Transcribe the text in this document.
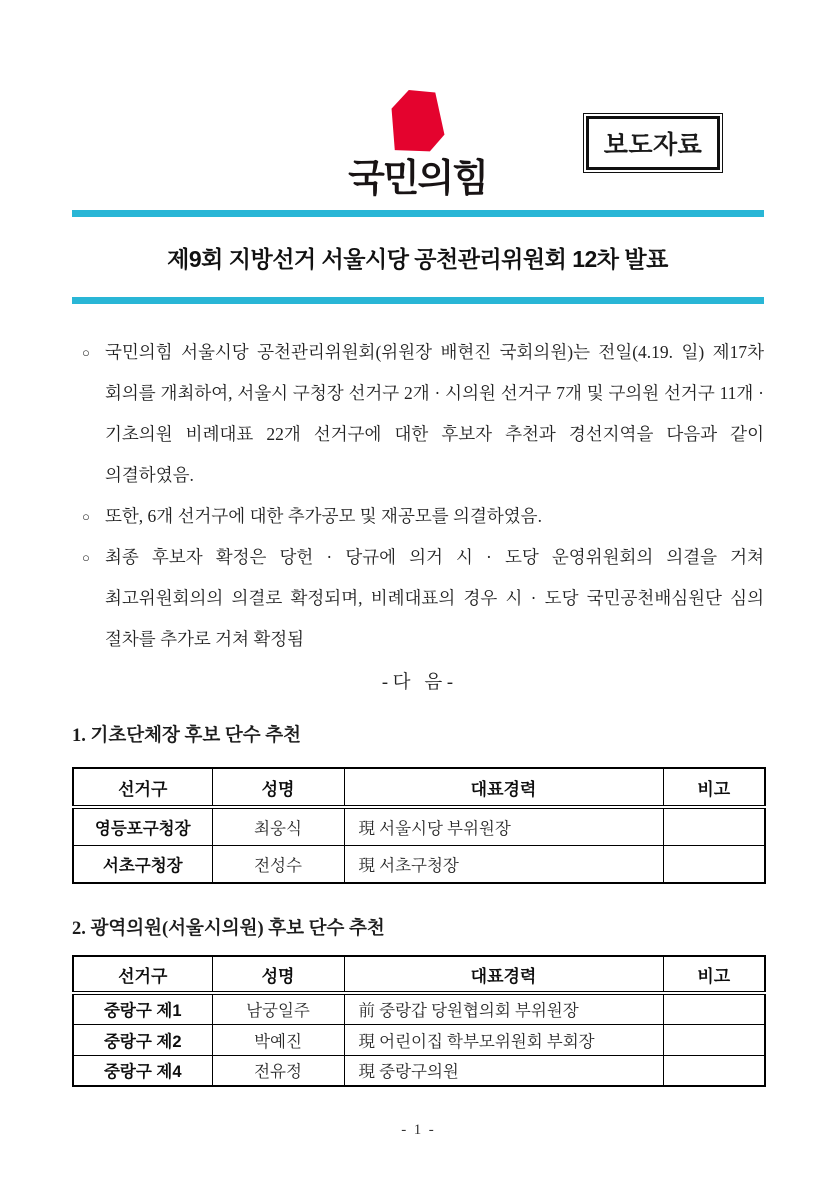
국민의힘
보도자료
제9회 지방선거 서울시당 공천관리위원회 12차 발표
○ 국민의힘 서울시당 공천관리위원회(위원장 배현진 국회의원)는 전일(4.19. 일) 제17차 회의를 개최하여, 서울시 구청장 선거구 2개 · 시의원 선거구 7개 및 구의원 선거구 11개 · 기초의원 비례대표 22개 선거구에 대한 후보자 추천과 경선지역을 다음과 같이 의결하였음.
○ 또한, 6개 선거구에 대한 추가공모 및 재공모를 의결하였음.
○ 최종 후보자 확정은 당헌 · 당규에 의거 시 · 도당 운영위원회의 의결을 거쳐 최고위원회의의 의결로 확정되며, 비례대표의 경우 시 · 도당 국민공천배심원단 심의 절차를 추가로 거쳐 확정됨
- 다   음 -
1. 기초단체장 후보 단수 추천
선거구	성명	대표경력	비고
영등포구청장	최웅식	現 서울시당 부위원장	
서초구청장	전성수	現 서초구청장	
2. 광역의원(서울시의원) 후보 단수 추천
선거구	성명	대표경력	비고
중랑구 제1	남궁일주	前 중랑갑 당원협의회 부위원장	
중랑구 제2	박예진	現 어린이집 학부모위원회 부회장	
중랑구 제4	전유정	現 중랑구의원	
-  1  -
